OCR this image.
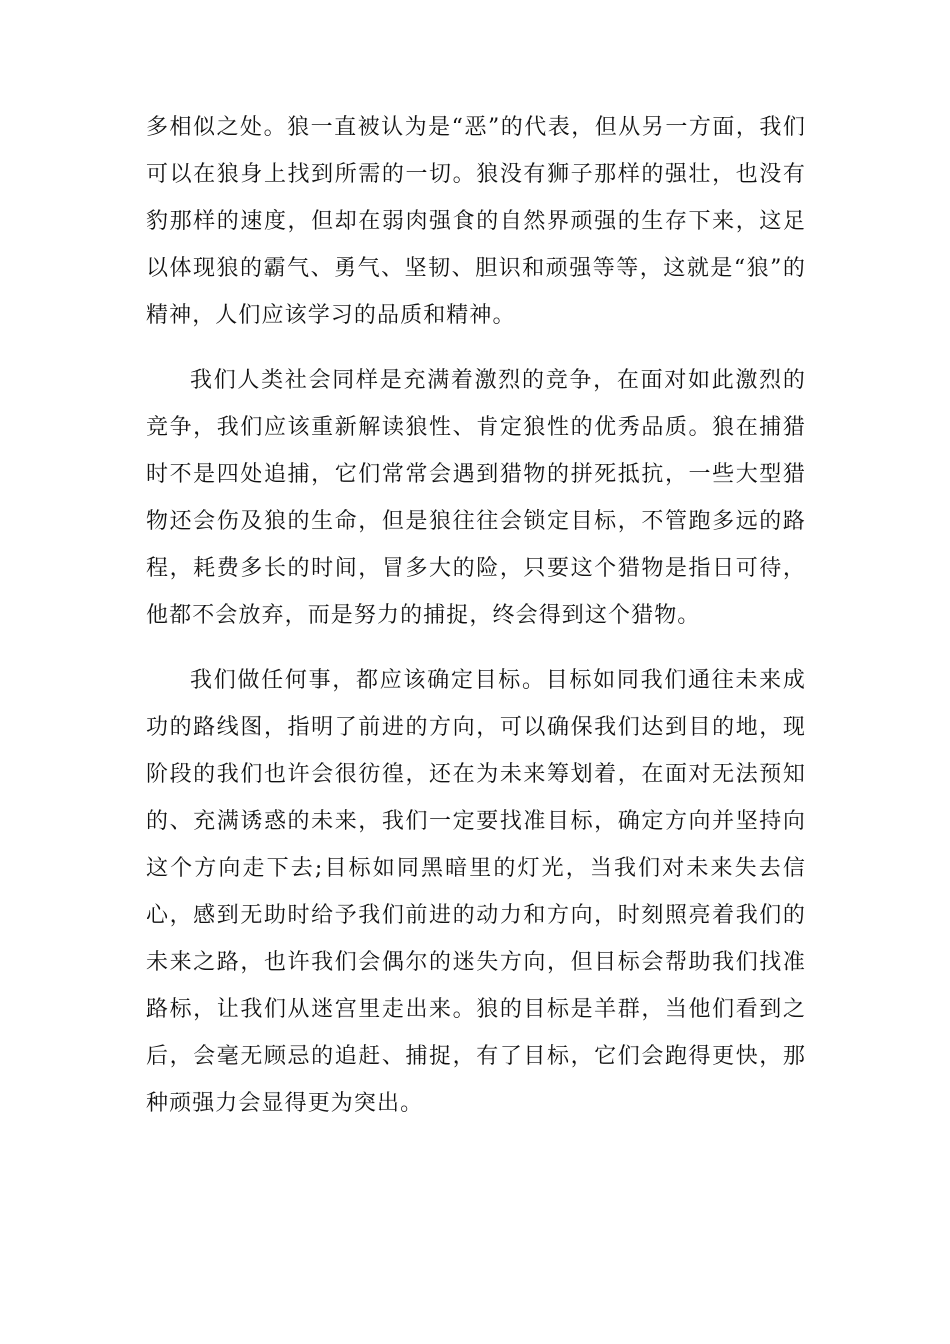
多相似之处。狼一直被认为是“恶”的代表，但从另一方面，我们可以在狼身上找到所需的一切。狼没有狮子那样的强壮，也没有豹那样的速度，但却在弱肉强食的自然界顽强的生存下来，这足以体现狼的霸气、勇气、坚韧、胆识和顽强等等，这就是“狼”的精神，人们应该学习的品质和精神。

我们人类社会同样是充满着激烈的竞争，在面对如此激烈的竞争，我们应该重新解读狼性、肯定狼性的优秀品质。狼在捕猎时不是四处追捕，它们常常会遇到猎物的拼死抵抗，一些大型猎物还会伤及狼的生命，但是狼往往会锁定目标，不管跑多远的路程，耗费多长的时间，冒多大的险，只要这个猎物是指日可待，他都不会放弃，而是努力的捕捉，终会得到这个猎物。

我们做任何事，都应该确定目标。目标如同我们通往未来成功的路线图，指明了前进的方向，可以确保我们达到目的地，现阶段的我们也许会很彷徨，还在为未来筹划着，在面对无法预知的、充满诱惑的未来，我们一定要找准目标，确定方向并坚持向这个方向走下去;目标如同黑暗里的灯光，当我们对未来失去信心，感到无助时给予我们前进的动力和方向，时刻照亮着我们的未来之路，也许我们会偶尔的迷失方向，但目标会帮助我们找准路标，让我们从迷宫里走出来。狼的目标是羊群，当他们看到之后，会毫无顾忌的追赶、捕捉，有了目标，它们会跑得更快，那种顽强力会显得更为突出。
